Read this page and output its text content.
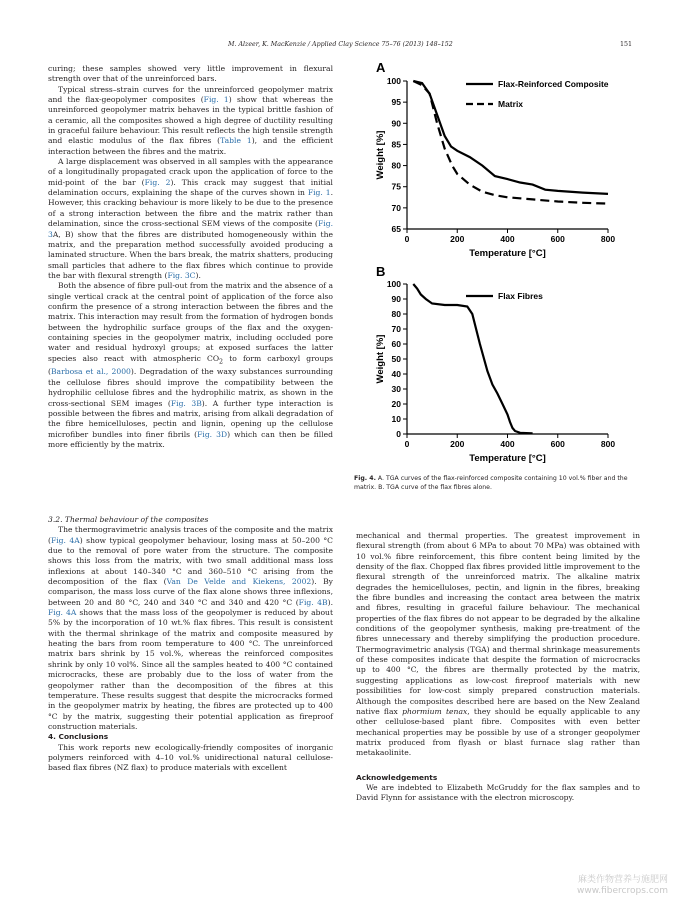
M. Alzeer, K. MacKenzie / Applied Clay Science 75–76 (2013) 148–152	151

curing; these samples showed very little improvement in flexural strength over that of the unreinforced bars.

Typical stress–strain curves for the unreinforced geopolymer matrix and the flax-geopolymer composites (Fig. 1) show that whereas the unreinforced geopolymer matrix behaves in the typical brittle fashion of a ceramic, all the composites showed a high degree of ductility resulting in graceful failure behaviour. This result reflects the high tensile strength and elastic modulus of the flax fibres (Table 1), and the efficient interaction between the fibres and the matrix.

A large displacement was observed in all samples with the appearance of a longitudinally propagated crack upon the application of force to the mid-point of the bar (Fig. 2). This crack may suggest that initial delamination occurs, explaining the shape of the curves shown in Fig. 1. However, this cracking behaviour is more likely to be due to the presence of a strong interaction between the fibre and the matrix rather than delamination, since the cross-sectional SEM views of the composite (Fig. 3A, B) show that the fibres are distributed homogeneously within the matrix, and the preparation method successfully avoided producing a laminated structure. When the bars break, the matrix shatters, producing small particles that adhere to the flax fibres which continue to provide the bar with flexural strength (Fig. 3C).

Both the absence of fibre pull-out from the matrix and the absence of a single vertical crack at the central point of application of the force also confirm the presence of a strong interaction between the fibres and the matrix. This interaction may result from the formation of hydrogen bonds between the hydrophilic surface groups of the flax and the oxygen-containing species in the geopolymer matrix, including occluded pore water and residual hydroxyl groups; at exposed surfaces the latter species also react with atmospheric $CO_2$ to form carboxyl groups (Barbosa et al., 2000). Degradation of the waxy substances surrounding the cellulose fibres should improve the compatibility between the hydrophilic cellulose fibres and the hydrophilic matrix, as shown in the cross-sectional SEM images (Fig. 3B). A further type interaction is possible between the fibres and matrix, arising from alkali degradation of the fibre hemicelluloses, pectin and lignin, opening up the cellulose microfiber bundles into finer fibrils (Fig. 3D) which can then be filled more efficiently by the matrix.

3.2. Thermal behaviour of the composites

The thermogravimetric analysis traces of the composite and the matrix (Fig. 4A) show typical geopolymer behaviour, losing mass at 50–200 °C due to the removal of pore water from the structure. The composite shows this loss from the matrix, with two small additional mass loss inflexions at about 140–340 °C and 360–510 °C arising from the decomposition of the flax (Van De Velde and Kiekens, 2002). By comparison, the mass loss curve of the flax alone shows three inflexions, between 20 and 80 °C, 240 and 340 °C and 340 and 420 °C (Fig. 4B). Fig. 4A shows that the mass loss of the geopolymer is reduced by about 5% by the incorporation of 10 wt.% flax fibres. This result is consistent with the thermal shrinkage of the matrix and composite measured by heating the bars from room temperature to 400 °C. The unreinforced matrix bars shrink by 15 vol.%, whereas the reinforced composites shrink by only 10 vol%. Since all the samples heated to 400 °C contained microcracks, these are probably due to the loss of water from the geopolymer rather than the decomposition of the fibres at this temperature. These results suggest that despite the microcracks formed in the geopolymer matrix by heating, the fibres are protected up to 400 °C by the matrix, suggesting their potential application as fireproof construction materials.

4. Conclusions

This work reports new ecologically-friendly composites of inorganic polymers reinforced with 4–10 vol.% unidirectional natural cellulose-based flax fibres (NZ flax) to produce materials with excellent

mechanical and thermal properties. The greatest improvement in flexural strength (from about 6 MPa to about 70 MPa) was obtained with 10 vol.% fibre reinforcement, this fibre content being limited by the density of the flax. Chopped flax fibres provided little improvement to the flexural strength of the unreinforced matrix. The alkaline matrix degrades the hemicelluloses, pectin, and lignin in the fibres, breaking the fibre bundles and increasing the contact area between the matrix and fibres, resulting in graceful failure behaviour. The mechanical properties of the flax fibres do not appear to be degraded by the alkaline conditions of the geopolymer synthesis, making pre-treatment of the fibres unnecessary and thereby simplifying the production procedure. Thermogravimetric analysis (TGA) and thermal shrinkage measurements of these composites indicate that despite the formation of microcracks up to 400 °C, the fibres are thermally protected by the matrix, suggesting applications as low-cost fireproof materials with new possibilities for low-cost simply prepared construction materials. Although the composites described here are based on the New Zealand native flax phormium tenax, they should be equally applicable to any other cellulose-based plant fibre. Composites with even better mechanical properties may be possible by use of a stronger geopolymer matrix produced from flyash or blast furnace slag rather than metakaolinite.

Acknowledgements

We are indebted to Elizabeth McGruddy for the flax samples and to David Flynn for assistance with the electron microscopy.

A
0	200	400	600	800
65
70
75
80
85
90
95
100
Temperature [°C]
Weight [%]
Flax-Reinforced Composite
Matrix
B
0	200	400	600	800
0
10
20
30
40
50
60
70
80
90
100
Temperature [°C]
Weight [%]
Flax Fibres
Fig. 4. A. TGA curves of the flax-reinforced composite containing 10 vol.% fiber and the matrix. B. TGA curve of the flax fibres alone.
麻类作物营养与施肥网
www.fibercrops.com
